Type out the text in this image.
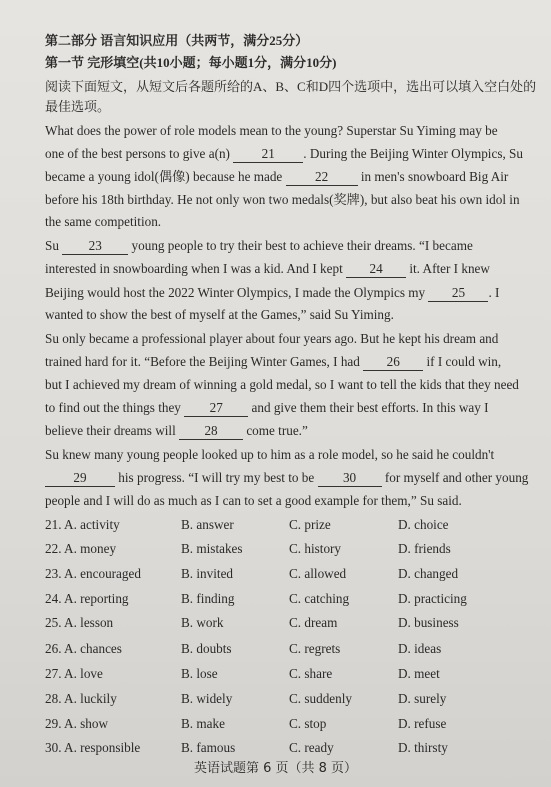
第二部分 语言知识应用（共两节，满分25分）
第一节 完形填空(共10小题；每小题1分，满分10分)
阅读下面短文，从短文后各题所给的A、B、C和D四个选项中，选出可以填入空白处的
最佳选项。
What does the power of role models mean to the young? Superstar Su Yiming may be
one of the best persons to give a(n) 21 . During the Beijing Winter Olympics, Su
became a young idol(偶像) because he made 22 in men's snowboard Big Air
before his 18th birthday. He not only won two medals(奖牌), but also beat his own idol in
the same competition.
Su 23 young people to try their best to achieve their dreams. “I became
interested in snowboarding when I was a kid. And I kept 24 it. After I knew
Beijing would host the 2022 Winter Olympics, I made the Olympics my 25 . I
wanted to show the best of myself at the Games,” said Su Yiming.
Su only became a professional player about four years ago. But he kept his dream and
trained hard for it. “Before the Beijing Winter Games, I had 26 if I could win,
but I achieved my dream of winning a gold medal, so I want to tell the kids that they need
to find out the things they 27 and give them their best efforts. In this way I
believe their dreams will 28 come true.”
Su knew many young people looked up to him as a role model, so he said he couldn't
29 his progress. “I will try my best to be 30 for myself and other young
people and I will do as much as I can to set a good example for them,” Su said.
21. A. activity	B. answer	C. prize	D. choice
22. A. money	B. mistakes	C. history	D. friends
23. A. encouraged	B. invited	C. allowed	D. changed
24. A. reporting	B. finding	C. catching	D. practicing
25. A. lesson	B. work	C. dream	D. business
26. A. chances	B. doubts	C. regrets	D. ideas
27. A. love	B. lose	C. share	D. meet
28. A. luckily	B. widely	C. suddenly	D. surely
29. A. show	B. make	C. stop	D. refuse
30. A. responsible	B. famous	C. ready	D. thirsty
英语试题第 6 页（共 8 页）
